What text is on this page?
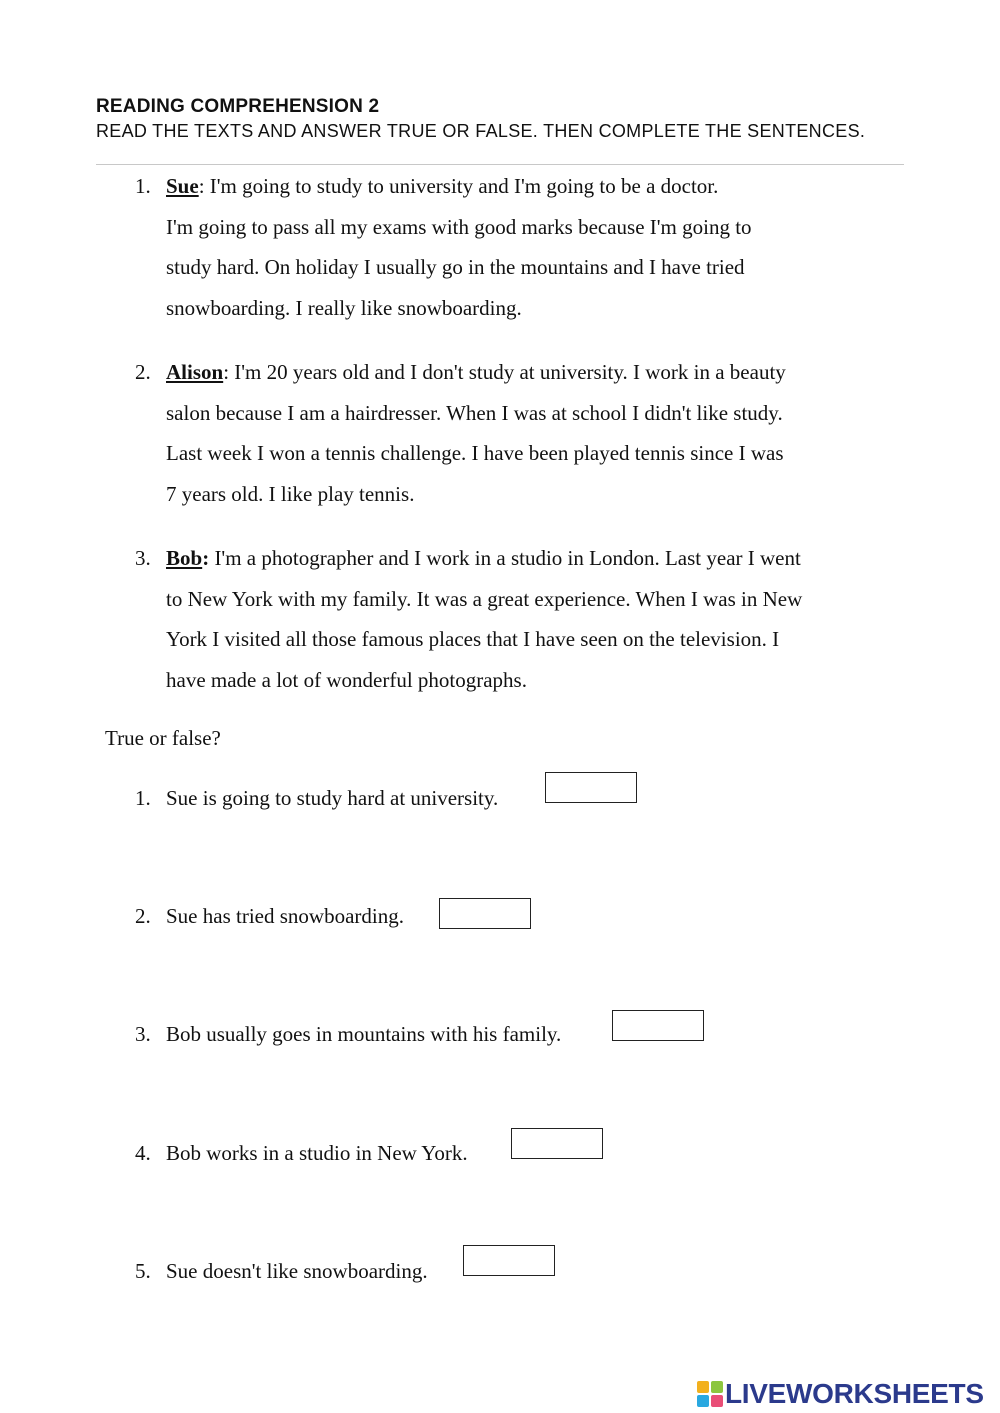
READING COMPREHENSION 2
READ THE TEXTS AND ANSWER TRUE OR FALSE. THEN COMPLETE THE SENTENCES.
1. Sue: I'm going to study to university and I'm going to be a doctor.
I'm going to pass all my exams with good marks because I'm going to
study hard. On holiday I usually go in the mountains and I have tried
snowboarding. I really like snowboarding.
2. Alison: I'm 20 years old and I don't study at university. I work in a beauty
salon because I am a hairdresser. When I was at school I didn't like study.
Last week I won a tennis challenge. I have been played tennis since I was
7 years old. I like play tennis.
3. Bob: I'm a photographer and I work in a studio in London. Last year I went
to New York with my family. It was a great experience. When I was in New
York I visited all those famous places that I have seen on the television. I
have made a lot of wonderful photographs.
True or false?
1. Sue is going to study hard at university.
2. Sue has tried snowboarding.
3. Bob usually goes in mountains with his family.
4. Bob works in a studio in New York.
5. Sue doesn't like snowboarding.
LIVEWORKSHEETS
